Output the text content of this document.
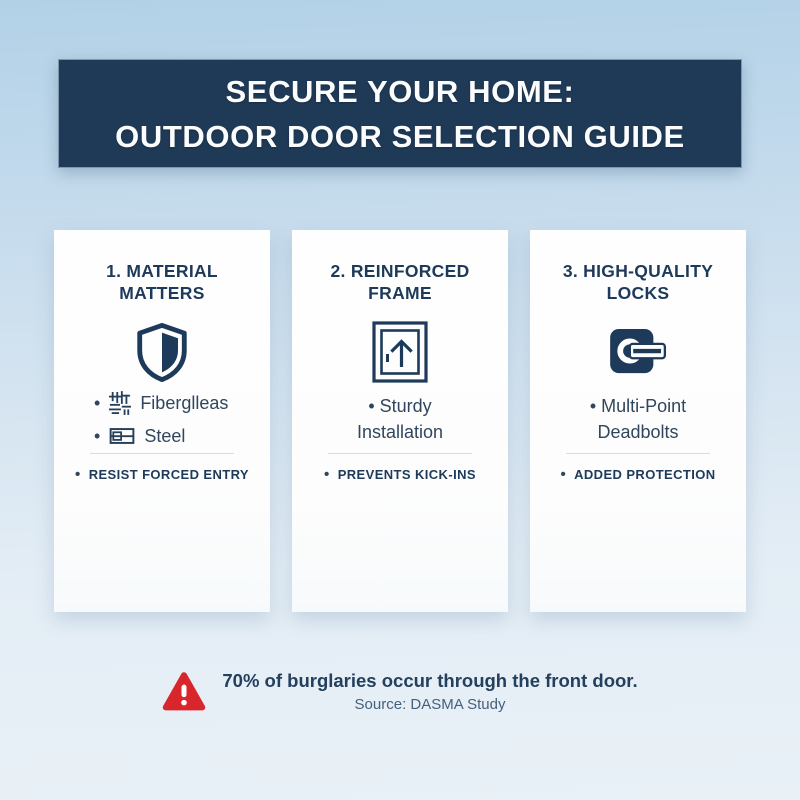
SECURE YOUR HOME:
OUTDOOR DOOR SELECTION GUIDE
1. MATERIAL
MATTERS
• Fiberglleas
• Steel
• RESIST FORCED ENTRY
2. REINFORCED FRAME
• Sturdy
Installation
• PREVENTS KICK-INS
3. HIGH-QUALITY
LOCKS
• Multi-Point
Deadbolts
• ADDED PROTECTION
70% of burglaries occur through the front door.
Source: DASMA Study
